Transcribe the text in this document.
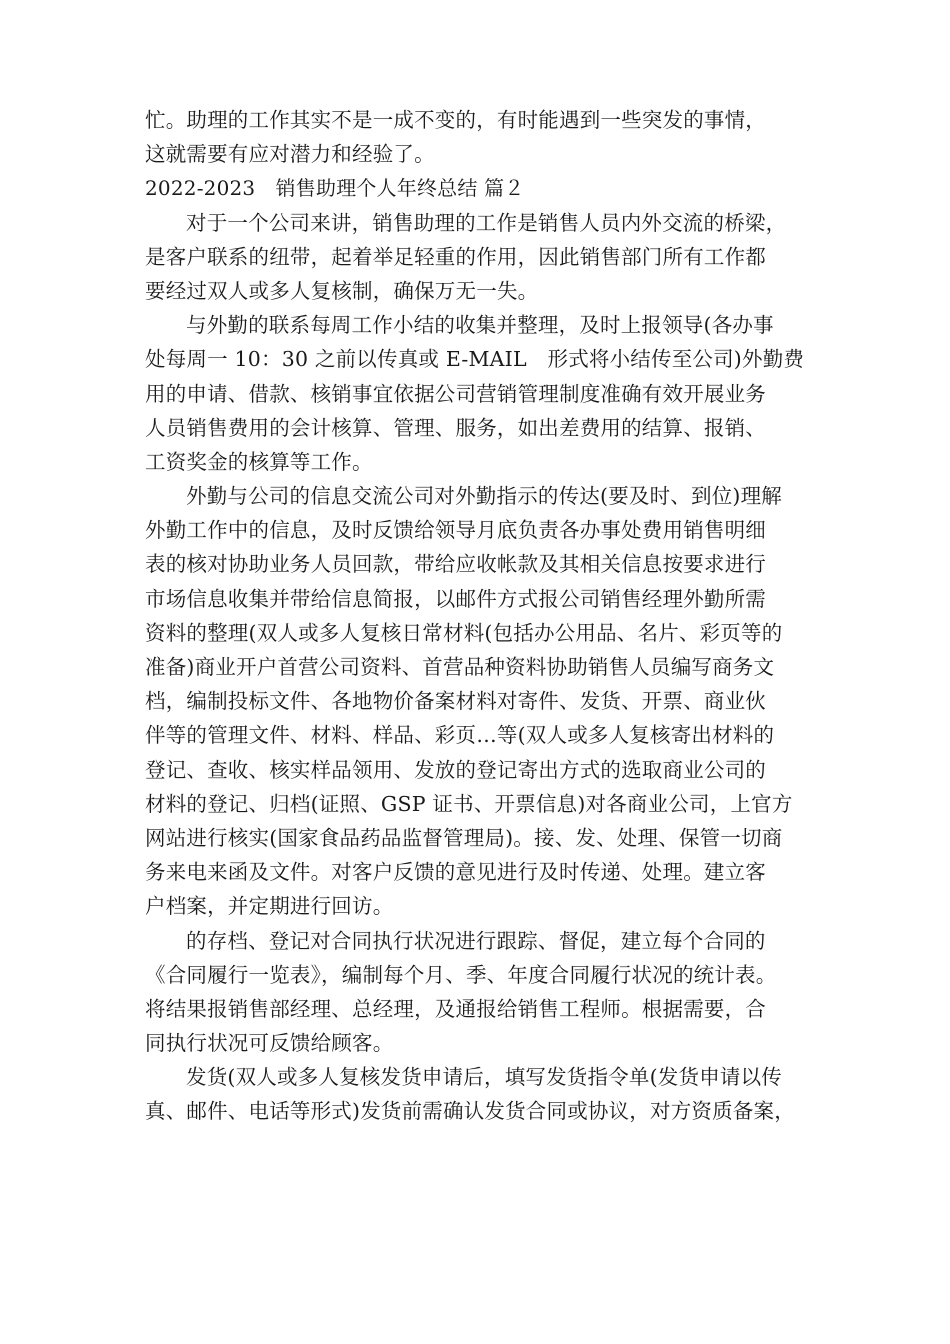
忙。助理的工作其实不是一成不变的，有时能遇到一些突发的事情，
这就需要有应对潜力和经验了。
2022-2023　销售助理个人年终总结 篇２
对于一个公司来讲，销售助理的工作是销售人员内外交流的桥梁，
是客户联系的纽带，起着举足轻重的作用，因此销售部门所有工作都
要经过双人或多人复核制，确保万无一失。
与外勤的联系每周工作小结的收集并整理，及时上报领导(各办事
处每周一 10：30 之前以传真或 E-MAIL　形式将小结传至公司)外勤费
用的申请、借款、核销事宜依据公司营销管理制度准确有效开展业务
人员销售费用的会计核算、管理、服务，如出差费用的结算、报销、
工资奖金的核算等工作。
外勤与公司的信息交流公司对外勤指示的传达(要及时、到位)理解
外勤工作中的信息，及时反馈给领导月底负责各办事处费用销售明细
表的核对协助业务人员回款，带给应收帐款及其相关信息按要求进行
市场信息收集并带给信息简报，以邮件方式报公司销售经理外勤所需
资料的整理(双人或多人复核日常材料(包括办公用品、名片、彩页等的
准备)商业开户首营公司资料、首营品种资料协助销售人员编写商务文
档，编制投标文件、各地物价备案材料对寄件、发货、开票、商业伙
伴等的管理文件、材料、样品、彩页…等(双人或多人复核寄出材料的
登记、查收、核实样品领用、发放的登记寄出方式的选取商业公司的
材料的登记、归档(证照、GSP 证书、开票信息)对各商业公司，上官方
网站进行核实(国家食品药品监督管理局)。接、发、处理、保管一切商
务来电来函及文件。对客户反馈的意见进行及时传递、处理。建立客
户档案，并定期进行回访。
的存档、登记对合同执行状况进行跟踪、督促，建立每个合同的
《合同履行一览表》，编制每个月、季、年度合同履行状况的统计表。
将结果报销售部经理、总经理，及通报给销售工程师。根据需要，合
同执行状况可反馈给顾客。
发货(双人或多人复核发货申请后，填写发货指令单(发货申请以传
真、邮件、电话等形式)发货前需确认发货合同或协议，对方资质备案，
